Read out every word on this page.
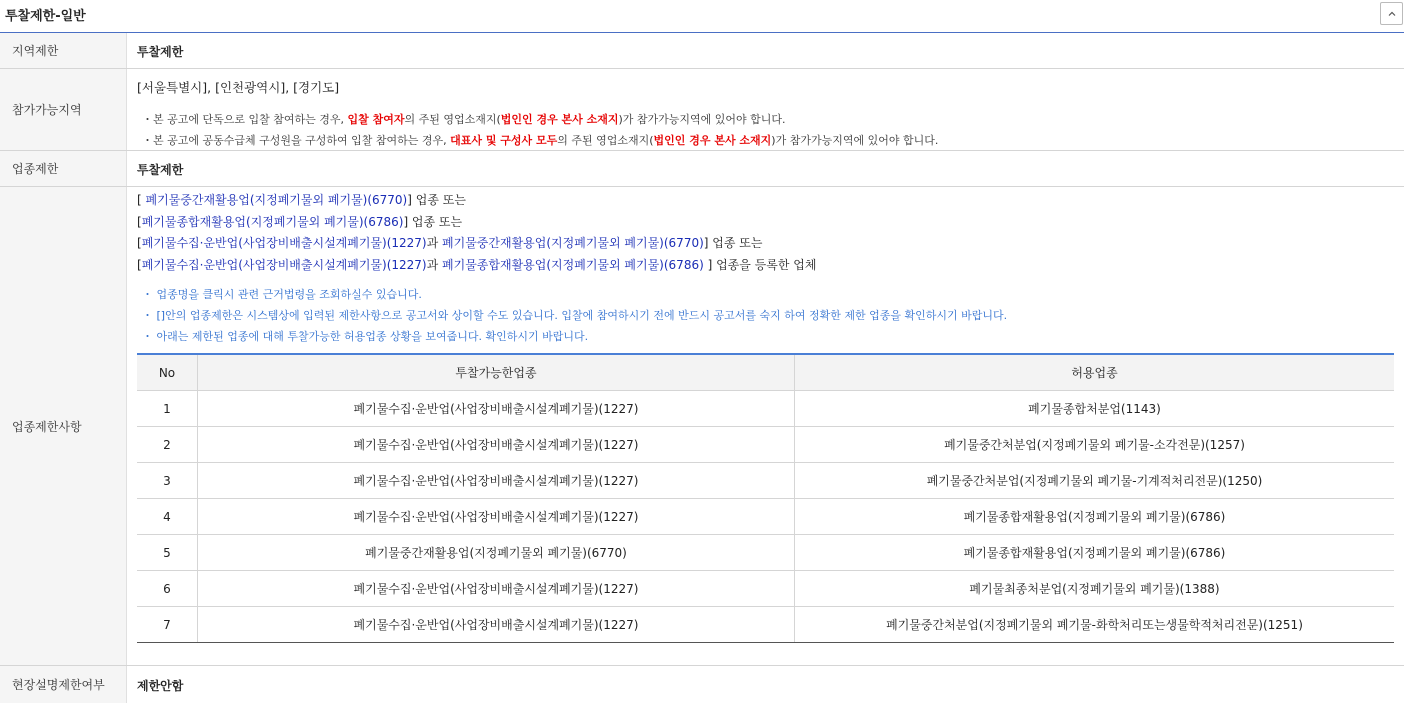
투찰제한-일반
지역제한	투찰제한
참가가능지역
[서울특별시], [인천광역시], [경기도]
・본 공고에 단독으로 입찰 참여하는 경우, 입찰 참여자의 주된 영업소재지(법인인 경우 본사 소재지)가 참가가능지역에 있어야 합니다.
・본 공고에 공동수급체 구성원을 구성하여 입찰 참여하는 경우, 대표사 및 구성사 모두의 주된 영업소재지(법인인 경우 본사 소재지)가 참가가능지역에 있어야 합니다.
업종제한	투찰제한
업종제한사항
[ 폐기물중간재활용업(지정폐기물외 폐기물)(6770)] 업종 또는
[폐기물종합재활용업(지정폐기물외 폐기물)(6786)] 업종 또는
[폐기물수집·운반업(사업장비배출시설계폐기물)(1227)과 폐기물중간재활용업(지정폐기물외 폐기물)(6770)] 업종 또는
[폐기물수집·운반업(사업장비배출시설계폐기물)(1227)과 폐기물종합재활용업(지정폐기물외 폐기물)(6786) ] 업종을 등록한 업체
・ 업종명을 클릭시 관련 근거법령을 조회하실수 있습니다.
・ []안의 업종제한은 시스템상에 입력된 제한사항으로 공고서와 상이할 수도 있습니다. 입찰에 참여하시기 전에 반드시 공고서를 숙지 하여 정확한 제한 업종을 확인하시기 바랍니다.
・ 아래는 제한된 업종에 대해 투찰가능한 허용업종 상황을 보여줍니다. 확인하시기 바랍니다.
No	투찰가능한업종	허용업종
1	폐기물수집·운반업(사업장비배출시설계폐기물)(1227)	폐기물종합처분업(1143)
2	폐기물수집·운반업(사업장비배출시설계폐기물)(1227)	폐기물중간처분업(지정폐기물외 폐기물-소각전문)(1257)
3	폐기물수집·운반업(사업장비배출시설계폐기물)(1227)	폐기물중간처분업(지정폐기물외 폐기물-기계적처리전문)(1250)
4	폐기물수집·운반업(사업장비배출시설계폐기물)(1227)	폐기물종합재활용업(지정폐기물외 폐기물)(6786)
5	폐기물중간재활용업(지정폐기물외 폐기물)(6770)	폐기물종합재활용업(지정폐기물외 폐기물)(6786)
6	폐기물수집·운반업(사업장비배출시설계폐기물)(1227)	폐기물최종처분업(지정폐기물외 폐기물)(1388)
7	폐기물수집·운반업(사업장비배출시설계폐기물)(1227)	폐기물중간처분업(지정폐기물외 폐기물-화학처리또는생물학적처리전문)(1251)
현장설명제한여부	제한안함
